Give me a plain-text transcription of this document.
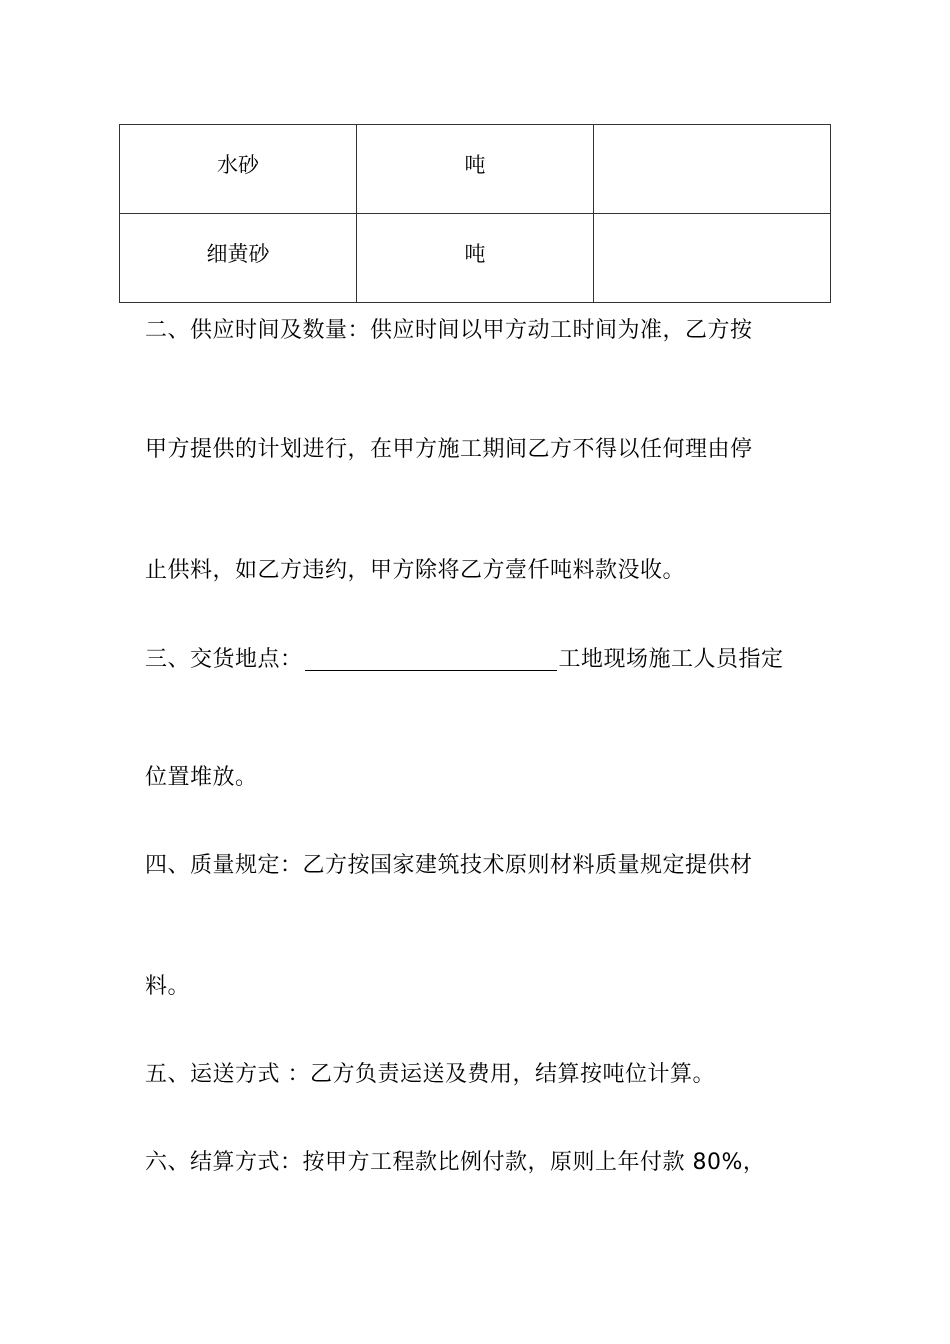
水砂	吨	

细黄砂	吨	

二、供应时间及数量：供应时间以甲方动工时间为准，乙方按
甲方提供的计划进行，在甲方施工期间乙方不得以任何理由停
止供料，如乙方违约，甲方除将乙方壹仟吨料款没收。
三、交货地点：	工地现场施工人员指定
位置堆放。
四、质量规定：乙方按国家建筑技术原则材料质量规定提供材
料。
五、运送方式 ：乙方负责运送及费用，结算按吨位计算。
六、结算方式：按甲方工程款比例付款，原则上年付款 80%，
